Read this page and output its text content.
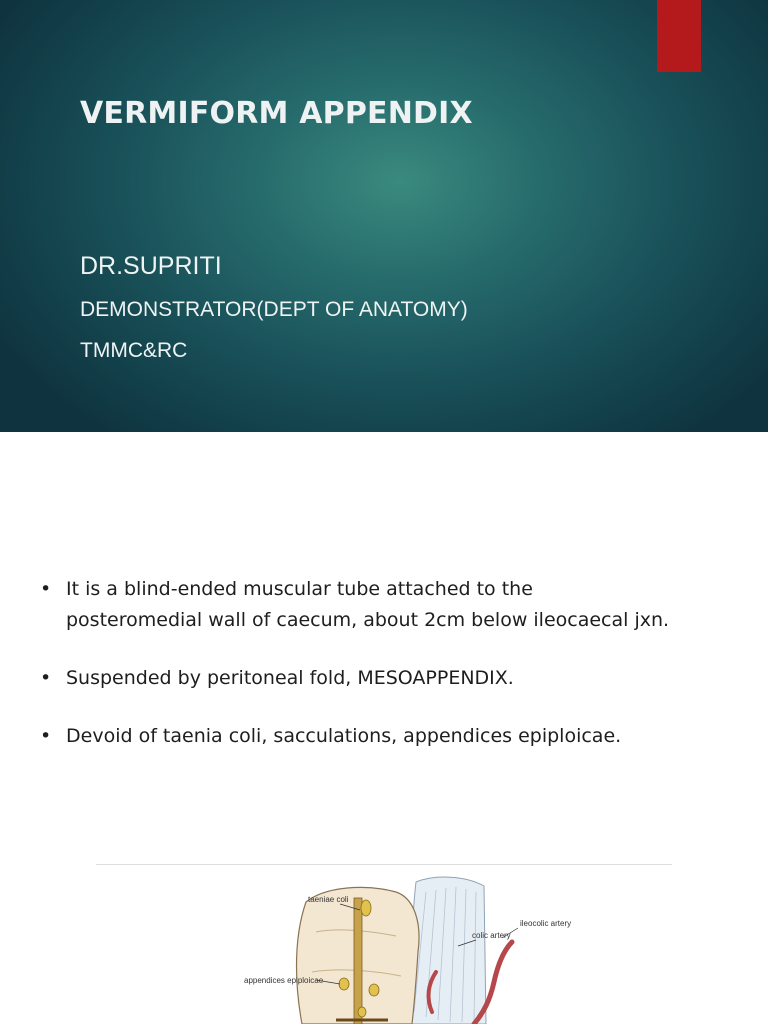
VERMIFORM APPENDIX
DR.SUPRITI
DEMONSTRATOR(DEPT OF ANATOMY)
TMMC&RC
• It is a blind-ended muscular tube attached to the
posteromedial wall of caecum, about 2cm below ileocaecal jxn.
• Suspended by peritoneal fold, MESOAPPENDIX.
• Devoid of taenia coli, sacculations, appendices epiploicae.
taeniae coli
ileocolic artery
colic artery
appendices epiploicae
